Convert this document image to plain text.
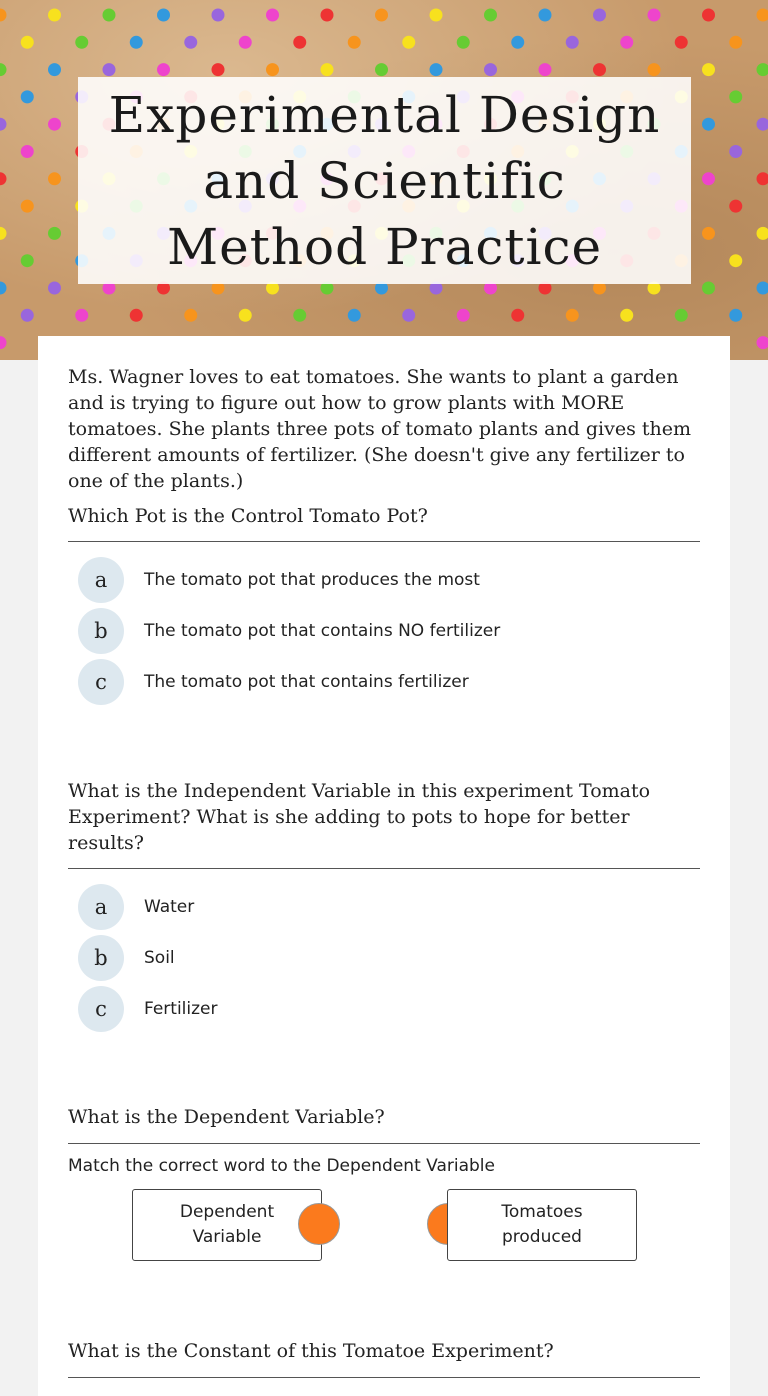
Experimental Design and Scientific Method Practice
Ms. Wagner loves to eat tomatoes. She wants to plant a garden and is trying to figure out how to grow plants with MORE tomatoes. She plants three pots of tomato plants and gives them different amounts of fertilizer. (She doesn't give any fertilizer to one of the plants.)
Which Pot is the Control Tomato Pot?
a	The tomato pot that produces the most
b	The tomato pot that contains NO fertilizer
c	The tomato pot that contains fertilizer
What is the Independent Variable in this experiment Tomato Experiment? What is she adding to pots to hope for better results?
a	Water
b	Soil
c	Fertilizer
What is the Dependent Variable?
Match the correct word to the Dependent Variable
Dependent Variable
Tomatoes produced
What is the Constant of this Tomatoe Experiment?
